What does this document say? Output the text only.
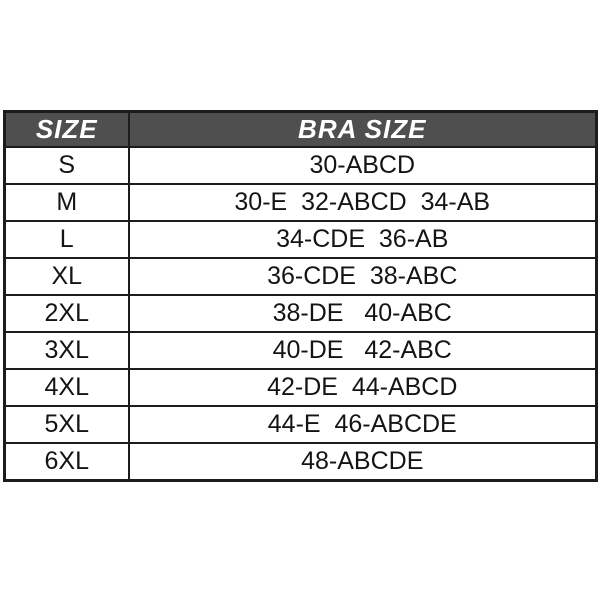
SIZE	BRA SIZE
S	30-ABCD
M	30-E  32-ABCD  34-AB
L	34-CDE  36-AB
XL	36-CDE  38-ABC
2XL	38-DE   40-ABC
3XL	40-DE   42-ABC
4XL	42-DE  44-ABCD
5XL	44-E  46-ABCDE
6XL	48-ABCDE
